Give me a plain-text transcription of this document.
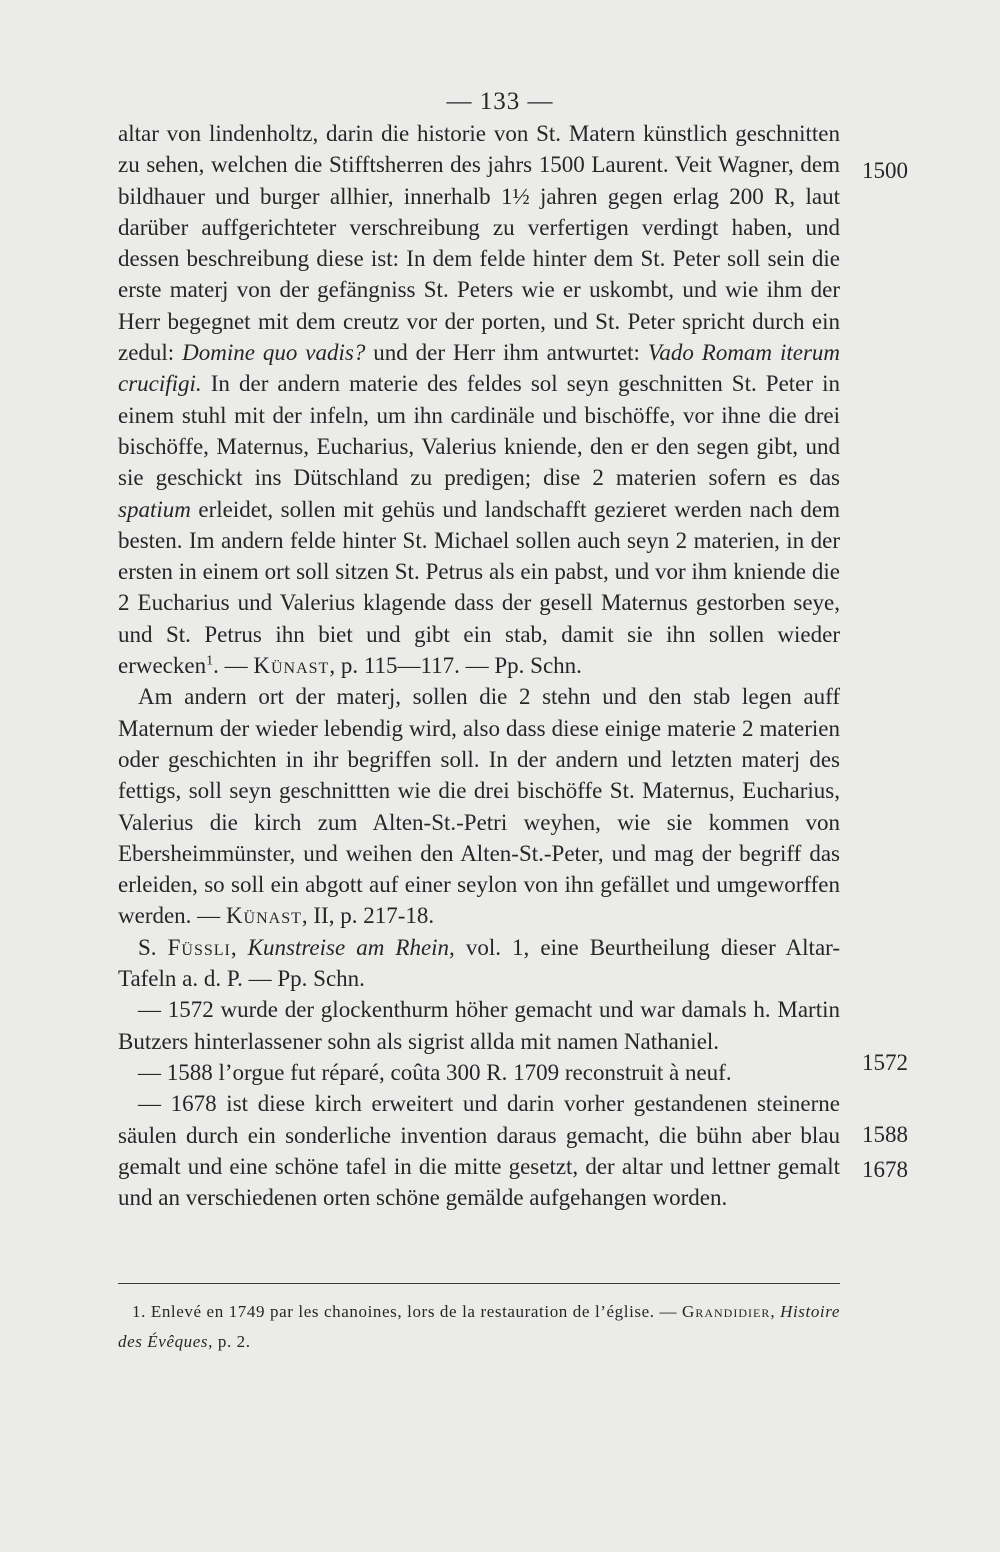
— 133 —

altar von lindenholtz, darin die historie von St. Matern künstlich geschnitten zu sehen, welchen die Stifftsherren des jahrs 1500 Laurent. Veit Wagner, dem bildhauer und burger allhier, innerhalb 1½ jahren gegen erlag 200 R, laut darüber auffgerichteter verschreibung zu verfertigen verdingt haben, und dessen beschreibung diese ist: In dem felde hinter dem St. Peter soll sein die erste materj von der gefängniss St. Peters wie er uskombt, und wie ihm der Herr begegnet mit dem creutz vor der porten, und St. Peter spricht durch ein zedul: Domine quo vadis? und der Herr ihm antwurtet: Vado Romam iterum crucifigi. In der andern materie des feldes sol seyn geschnitten St. Peter in einem stuhl mit der infeln, um ihn cardinäle und bischöffe, vor ihne die drei bischöffe, Maternus, Eucharius, Valerius kniende, den er den segen gibt, und sie geschickt ins Dütschland zu predigen; dise 2 materien sofern es das spatium erleidet, sollen mit gehüs und landschafft gezieret werden nach dem besten. Im andern felde hinter St. Michael sollen auch seyn 2 materien, in der ersten in einem ort soll sitzen St. Petrus als ein pabst, und vor ihm kniende die 2 Eucharius und Valerius klagende dass der gesell Maternus gestorben seye, und St. Petrus ihn biet und gibt ein stab, damit sie ihn sollen wieder erwecken$^1$. — Künast, p. 115—117. — Pp. Schn.

Am andern ort der materj, sollen die 2 stehn und den stab legen auff Maternum der wieder lebendig wird, also dass diese einige materie 2 materien oder geschichten in ihr begriffen soll. In der andern und letzten materj des fettigs, soll seyn geschnittten wie die drei bischöffe St. Maternus, Eucharius, Valerius die kirch zum Alten-St.-Petri weyhen, wie sie kommen von Ebersheimmünster, und weihen den Alten-St.-Peter, und mag der begriff das erleiden, so soll ein abgott auf einer seylon von ihn gefället und umgeworffen werden. — Künast, II, p. 217-18.

S. Füssli, Kunstreise am Rhein, vol. 1, eine Beurtheilung dieser Altar-Tafeln a. d. P. — Pp. Schn.

— 1572 wurde der glockenthurm höher gemacht und war damals h. Martin Butzers hinterlassener sohn als sigrist allda mit namen Nathaniel.

— 1588 l’orgue fut réparé, coûta 300 R. 1709 reconstruit à neuf.

— 1678 ist diese kirch erweitert und darin vorher gestandenen steinerne säulen durch ein sonderliche invention daraus gemacht, die bühn aber blau gemalt und eine schöne tafel in die mitte gesetzt, der altar und lettner gemalt und an verschiedenen orten schöne gemälde aufgehangen worden.

1500
1572
1588
1678

1. Enlevé en 1749 par les chanoines, lors de la restauration de l’église. — Grandidier, Histoire des Évêques, p. 2.
